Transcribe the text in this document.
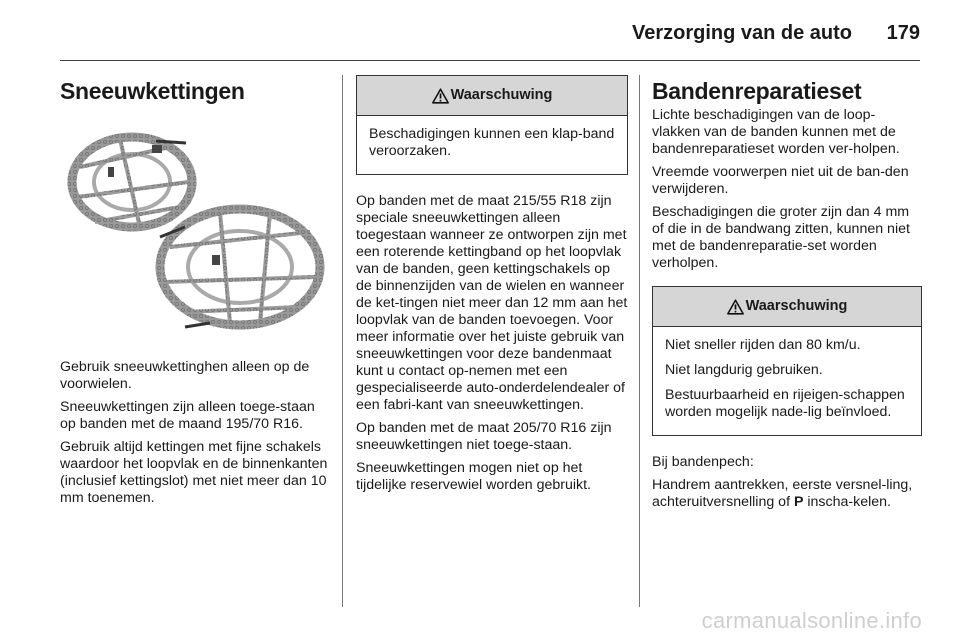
Verzorging van de auto 179
Sneeuwkettingen

Gebruik sneeuwkettinghen alleen op de voorwielen.

Sneeuwkettingen zijn alleen toege-staan op banden met de maand 195/70 R16.

Gebruik altijd kettingen met fijne schakels waardoor het loopvlak en de binnenkanten (inclusief kettingslot) met niet meer dan 10 mm toenemen.

Waarschuwing

Beschadigingen kunnen een klap-band veroorzaken.

Op banden met de maat 215/55 R18 zijn speciale sneeuwkettingen alleen toegestaan wanneer ze ontworpen zijn met een roterende kettingband op het loopvlak van de banden, geen kettingschakels op de binnenzijden van de wielen en wanneer de ket-tingen niet meer dan 12 mm aan het loopvlak van de banden toevoegen. Voor meer informatie over het juiste gebruik van sneeuwkettingen voor deze bandenmaat kunt u contact op-nemen met een gespecialiseerde auto-onderdelendealer of een fabri-kant van sneeuwkettingen.

Op banden met de maat 205/70 R16 zijn sneeuwkettingen niet toege-staan.

Sneeuwkettingen mogen niet op het tijdelijke reservewiel worden gebruikt.

Bandenreparatieset

Lichte beschadigingen van de loop-vlakken van de banden kunnen met de bandenreparatieset worden ver-holpen.

Vreemde voorwerpen niet uit de ban-den verwijderen.

Beschadigingen die groter zijn dan 4 mm of die in de bandwang zitten, kunnen niet met de bandenreparatie-set worden verholpen.

Waarschuwing

Niet sneller rijden dan 80 km/u.

Niet langdurig gebruiken.

Bestuurbaarheid en rijeigen-schappen worden mogelijk nade-lig beïnvloed.

Bij bandenpech:

Handrem aantrekken, eerste versnel-ling, achteruitversnelling of P inscha-kelen.

carmanualsonline.info
